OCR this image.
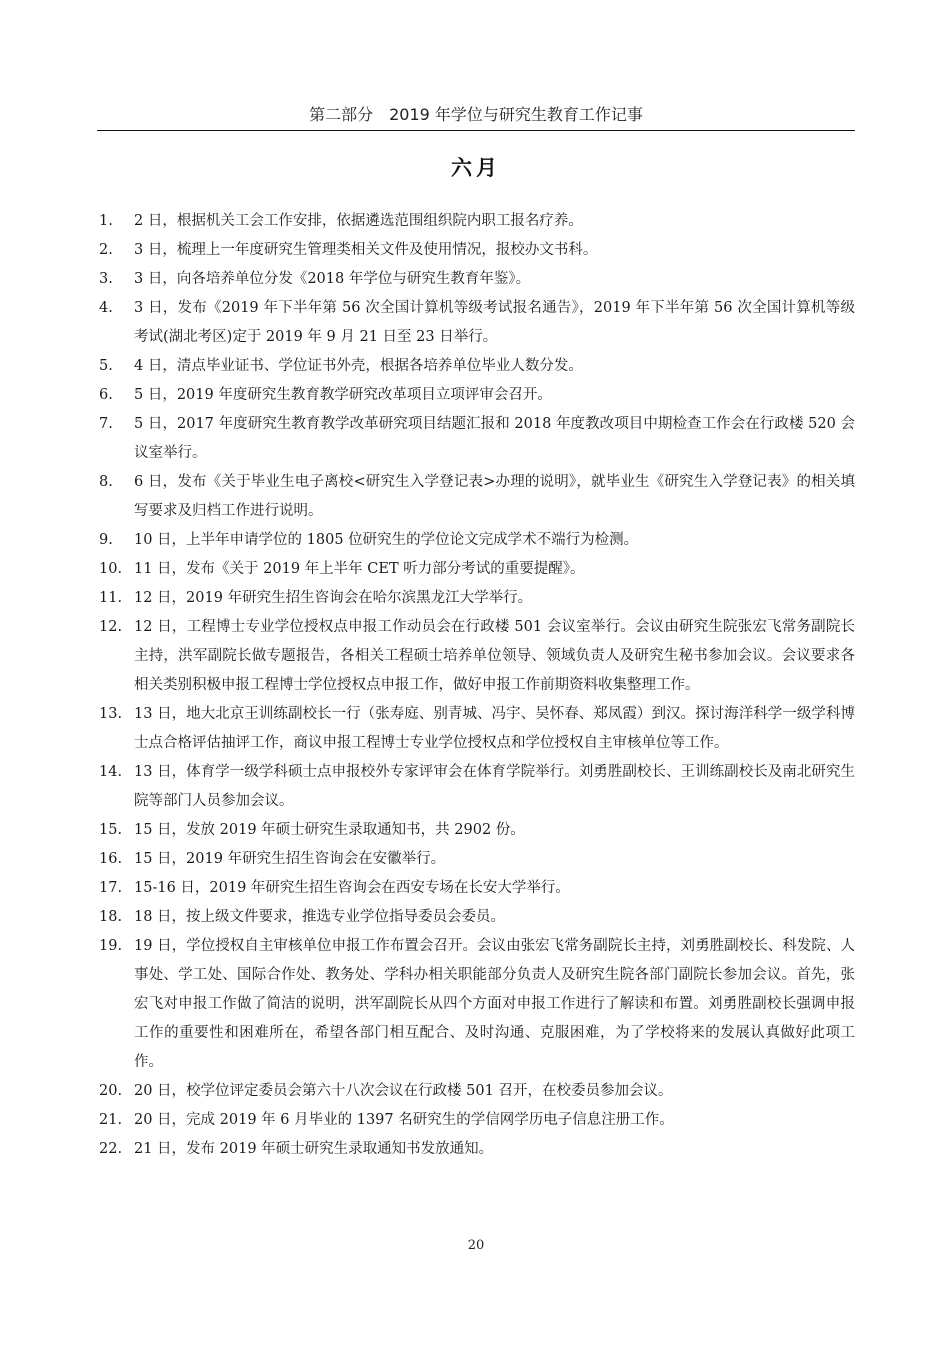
第二部分　2019 年学位与研究生教育工作记事
六月
1. 2 日，根据机关工会工作安排，依据遴选范围组织院内职工报名疗养。
2. 3 日，梳理上一年度研究生管理类相关文件及使用情况，报校办文书科。
3. 3 日，向各培养单位分发《2018 年学位与研究生教育年鉴》。
4. 3 日，发布《2019 年下半年第 56 次全国计算机等级考试报名通告》，2019 年下半年第 56 次全国计算机等级考试(湖北考区)定于 2019 年 9 月 21 日至 23 日举行。
5. 4 日，清点毕业证书、学位证书外壳，根据各培养单位毕业人数分发。
6. 5 日，2019 年度研究生教育教学研究改革项目立项评审会召开。
7. 5 日，2017 年度研究生教育教学改革研究项目结题汇报和 2018 年度教改项目中期检查工作会在行政楼 520 会议室举行。
8. 6 日，发布《关于毕业生电子离校<研究生入学登记表>办理的说明》，就毕业生《研究生入学登记表》的相关填写要求及归档工作进行说明。
9. 10 日，上半年申请学位的 1805 位研究生的学位论文完成学术不端行为检测。
10. 11 日，发布《关于 2019 年上半年 CET 听力部分考试的重要提醒》。
11. 12 日，2019 年研究生招生咨询会在哈尔滨黑龙江大学举行。
12. 12 日，工程博士专业学位授权点申报工作动员会在行政楼 501 会议室举行。会议由研究生院张宏飞常务副院长主持，洪军副院长做专题报告，各相关工程硕士培养单位领导、领域负责人及研究生秘书参加会议。会议要求各相关类别积极申报工程博士学位授权点申报工作，做好申报工作前期资料收集整理工作。
13. 13 日，地大北京王训练副校长一行（张寿庭、别青城、冯宇、吴怀春、郑凤霞）到汉。探讨海洋科学一级学科博士点合格评估抽评工作，商议申报工程博士专业学位授权点和学位授权自主审核单位等工作。
14. 13 日，体育学一级学科硕士点申报校外专家评审会在体育学院举行。刘勇胜副校长、王训练副校长及南北研究生院等部门人员参加会议。
15. 15 日，发放 2019 年硕士研究生录取通知书，共 2902 份。
16. 15 日，2019 年研究生招生咨询会在安徽举行。
17. 15-16 日，2019 年研究生招生咨询会在西安专场在长安大学举行。
18. 18 日，按上级文件要求，推选专业学位指导委员会委员。
19. 19 日，学位授权自主审核单位申报工作布置会召开。会议由张宏飞常务副院长主持，刘勇胜副校长、科发院、人事处、学工处、国际合作处、教务处、学科办相关职能部分负责人及研究生院各部门副院长参加会议。首先，张宏飞对申报工作做了简洁的说明，洪军副院长从四个方面对申报工作进行了解读和布置。刘勇胜副校长强调申报工作的重要性和困难所在，希望各部门相互配合、及时沟通、克服困难，为了学校将来的发展认真做好此项工作。
20. 20 日，校学位评定委员会第六十八次会议在行政楼 501 召开，在校委员参加会议。
21. 20 日，完成 2019 年 6 月毕业的 1397 名研究生的学信网学历电子信息注册工作。
22. 21 日，发布 2019 年硕士研究生录取通知书发放通知。
20
